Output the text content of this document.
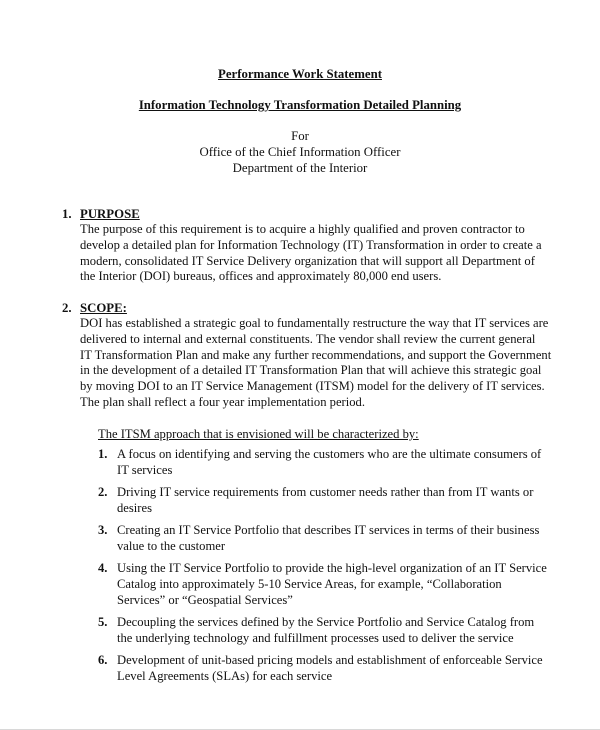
Performance Work Statement
Information Technology Transformation Detailed Planning
For
Office of the Chief Information Officer
Department of the Interior
1. PURPOSE
The purpose of this requirement is to acquire a highly qualified and proven contractor to
develop a detailed plan for Information Technology (IT) Transformation in order to create a
modern, consolidated IT Service Delivery organization that will support all Department of
the Interior (DOI) bureaus, offices and approximately 80,000 end users.
2. SCOPE:
DOI has established a strategic goal to fundamentally restructure the way that IT services are
delivered to internal and external constituents. The vendor shall review the current general
IT Transformation Plan and make any further recommendations, and support the Government
in the development of a detailed IT Transformation Plan that will achieve this strategic goal
by moving DOI to an IT Service Management (ITSM) model for the delivery of IT services.
The plan shall reflect a four year implementation period.
The ITSM approach that is envisioned will be characterized by:
1. A focus on identifying and serving the customers who are the ultimate consumers of
IT services
2. Driving IT service requirements from customer needs rather than from IT wants or
desires
3. Creating an IT Service Portfolio that describes IT services in terms of their business
value to the customer
4. Using the IT Service Portfolio to provide the high-level organization of an IT Service
Catalog into approximately 5-10 Service Areas, for example, “Collaboration
Services” or “Geospatial Services”
5. Decoupling the services defined by the Service Portfolio and Service Catalog from
the underlying technology and fulfillment processes used to deliver the service
6. Development of unit-based pricing models and establishment of enforceable Service
Level Agreements (SLAs) for each service
